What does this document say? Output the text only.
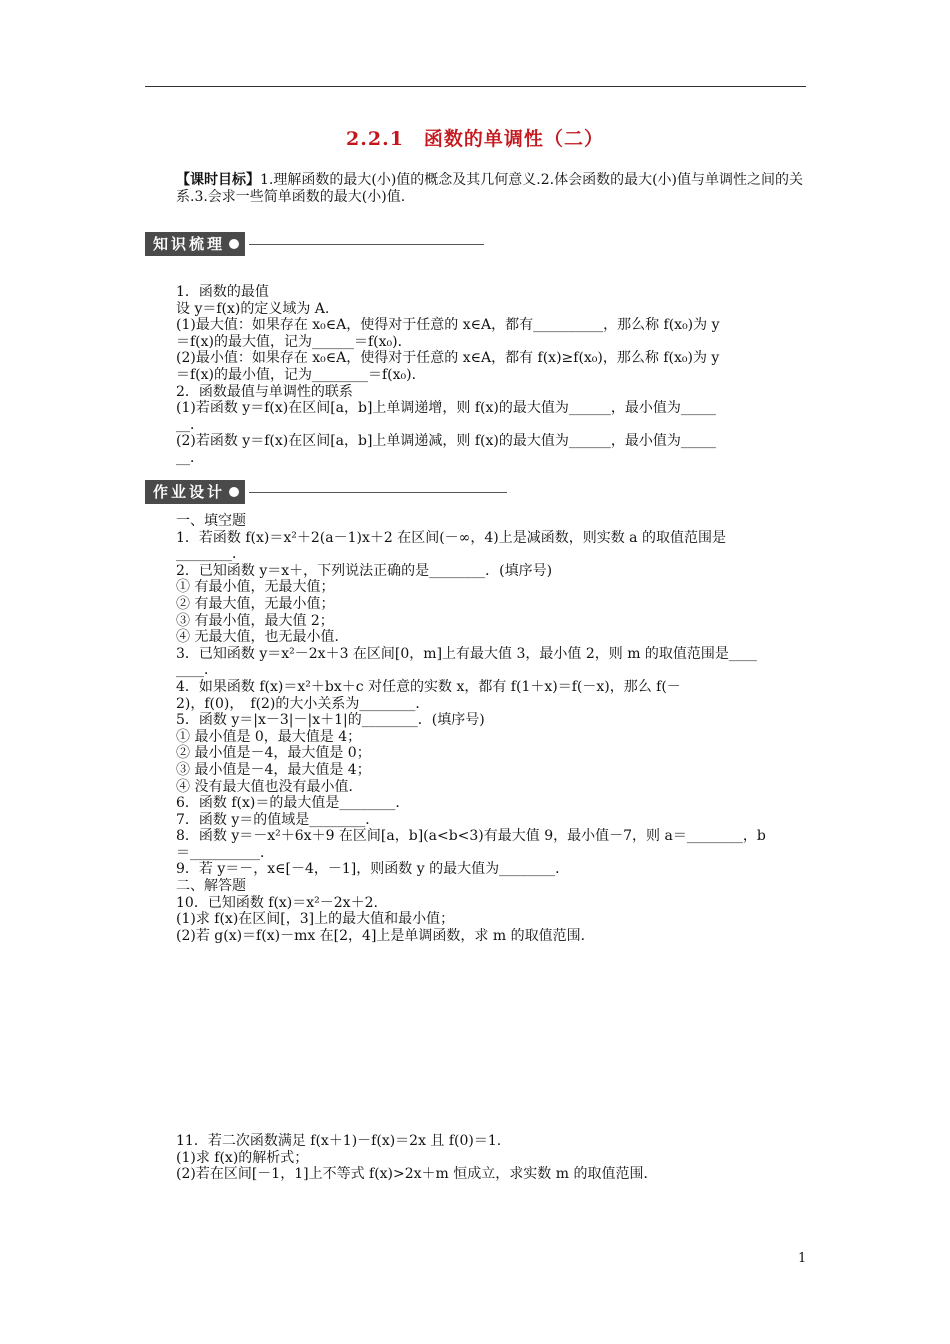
2.2.1　函数的单调性（二）
【课时目标】1.理解函数的最大(小)值的概念及其几何意义.2.体会函数的最大(小)值与单调性之间的关系.3.会求一些简单函数的最大(小)值.
知识梳理
1．函数的最值
设 y＝f(x)的定义域为 A.
(1)最大值：如果存在 x₀∈A，使得对于任意的 x∈A，都有__________，那么称 f(x₀)为 y
＝f(x)的最大值，记为______＝f(x₀)．
(2)最小值：如果存在 x₀∈A，使得对于任意的 x∈A，都有 f(x)≥f(x₀)，那么称 f(x₀)为 y
＝f(x)的最小值，记为________＝f(x₀)．
2．函数最值与单调性的联系
(1)若函数 y＝f(x)在区间[a，b]上单调递增，则 f(x)的最大值为______，最小值为_____
__．
(2)若函数 y＝f(x)在区间[a，b]上单调递减，则 f(x)的最大值为______，最小值为_____
__．
作业设计
一、填空题
1．若函数 f(x)＝x²＋2(a－1)x＋2 在区间(－∞，4)上是减函数，则实数 a 的取值范围是
________．
2．已知函数 y＝x＋，下列说法正确的是________．(填序号)
① 有最小值，无最大值；
② 有最大值，无最小值；
③ 有最小值，最大值 2；
④ 无最大值，也无最小值．
3．已知函数 y＝x²－2x＋3 在区间[0，m]上有最大值 3，最小值 2，则 m 的取值范围是____
____．
4．如果函数 f(x)＝x²＋bx＋c 对任意的实数 x，都有 f(1＋x)＝f(－x)，那么 f(－
2)，f(0)，　f(2)的大小关系为________．
5．函数 y＝|x－3|－|x＋1|的________．(填序号)
① 最小值是 0，最大值是 4；
② 最小值是－4，最大值是 0；
③ 最小值是－4，最大值是 4；
④ 没有最大值也没有最小值．
6．函数 f(x)＝的最大值是________．
7．函数 y＝的值域是________．
8．函数 y＝－x²＋6x＋9 在区间[a，b](a<b<3)有最大值 9，最小值－7，则 a＝________，b
＝__________．
9．若 y＝－，x∈[－4，－1]，则函数 y 的最大值为________．
二、解答题
10．已知函数 f(x)＝x²－2x＋2.
(1)求 f(x)在区间[，3]上的最大值和最小值；
(2)若 g(x)＝f(x)－mx 在[2，4]上是单调函数，求 m 的取值范围．
11．若二次函数满足 f(x＋1)－f(x)＝2x 且 f(0)＝1.
(1)求 f(x)的解析式；
(2)若在区间[－1，1]上不等式 f(x)>2x＋m 恒成立，求实数 m 的取值范围．
1
